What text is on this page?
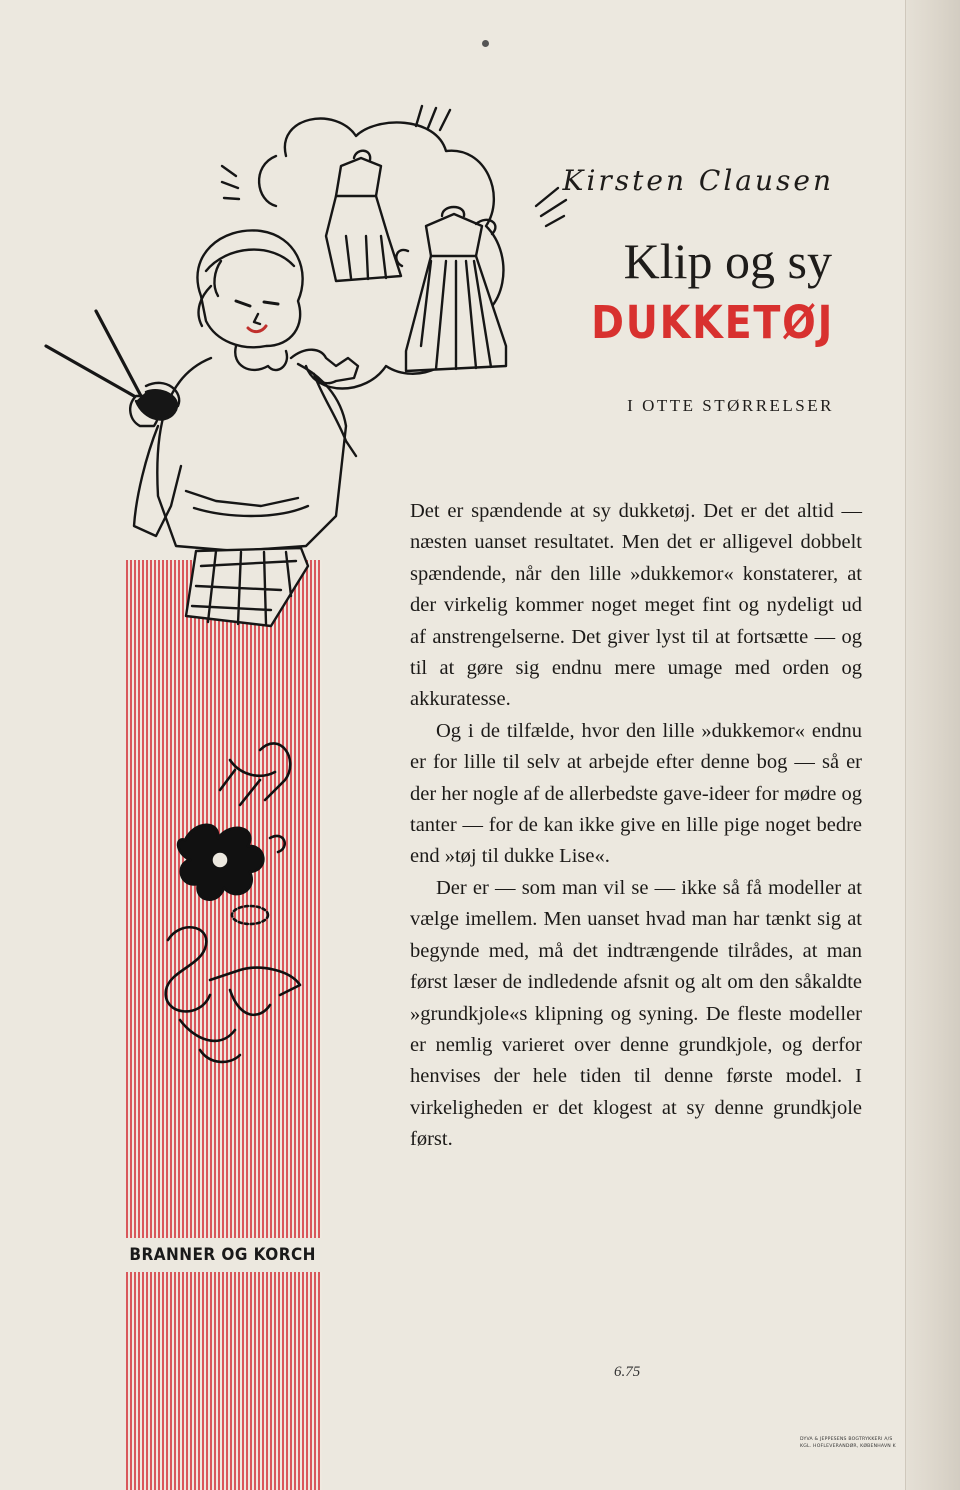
BRANNER OG KORCH
Kirsten Clausen
Klip og sy
DUKKETØJ
I OTTE STØRRELSER

Det er spændende at sy dukketøj. Det er det altid — næsten uanset resultatet. Men det er alligevel dobbelt spændende, når den lille »dukkemor« konstaterer, at der virkelig kommer noget meget fint og nydeligt ud af anstrengelserne. Det giver lyst til at fortsætte — og til at gøre sig endnu mere umage med orden og akkuratesse.

Og i de tilfælde, hvor den lille »dukkemor« endnu er for lille til selv at arbejde efter denne bog — så er der her nogle af de allerbedste gave-ideer for mødre og tanter — for de kan ikke give en lille pige noget bedre end »tøj til dukke Lise«.

Der er — som man vil se — ikke så få modeller at vælge imellem. Men uanset hvad man har tænkt sig at begynde med, må det indtrængende tilrådes, at man først læser de indledende afsnit og alt om den såkaldte »grundkjole«s klipning og syning. De fleste modeller er nemlig varieret over denne grundkjole, og derfor henvises der hele tiden til denne første model. I virkeligheden er det klogest at sy denne grundkjole først.

6.75
DYVA & JEPPESENS BOGTRYKKERI A/S
KGL. HOFLEVERANDØR, KØBENHAVN K
